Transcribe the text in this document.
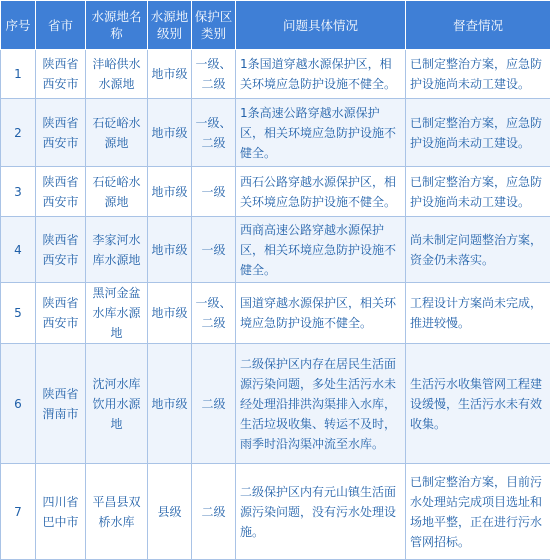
序号	省市	水源地名称	水源地级别	保护区类别	问题具体情况	督查情况
1	陕西省西安市	沣峪供水水源地	地市级	一级、二级	1条国道穿越水源保护区，相关环境应急防护设施不健全。	已制定整治方案，应急防护设施尚未动工建设。
2	陕西省西安市	石砭峪水源地	地市级	一级、二级	1条高速公路穿越水源保护区，相关环境应急防护设施不健全。	已制定整治方案，应急防护设施尚未动工建设。
3	陕西省西安市	石砭峪水源地	地市级	一级	西石公路穿越水源保护区，相关环境应急防护设施不健全。	已制定整治方案，应急防护设施尚未动工建设。
4	陕西省西安市	李家河水库水源地	地市级	一级	西商高速公路穿越水源保护区，相关环境应急防护设施不健全。	尚未制定问题整治方案，资金仍未落实。
5	陕西省西安市	黑河金盆水库水源地	地市级	一级、二级	国道穿越水源保护区，相关环境应急防护设施不健全。	工程设计方案尚未完成，推进较慢。
6	陕西省渭南市	沈河水库饮用水源地	地市级	二级	二级保护区内存在居民生活面源污染问题，多处生活污水未经处理沿排洪沟渠排入水库，生活垃圾收集、转运不及时，雨季时沿沟渠冲流至水库。	生活污水收集管网工程建设缓慢，生活污水未有效收集。
7	四川省巴中市	平昌县双桥水库	县级	二级	二级保护区内有元山镇生活面源污染问题，没有污水处理设施。	已制定整治方案，目前污水处理站完成项目选址和场地平整，正在进行污水管网招标。
